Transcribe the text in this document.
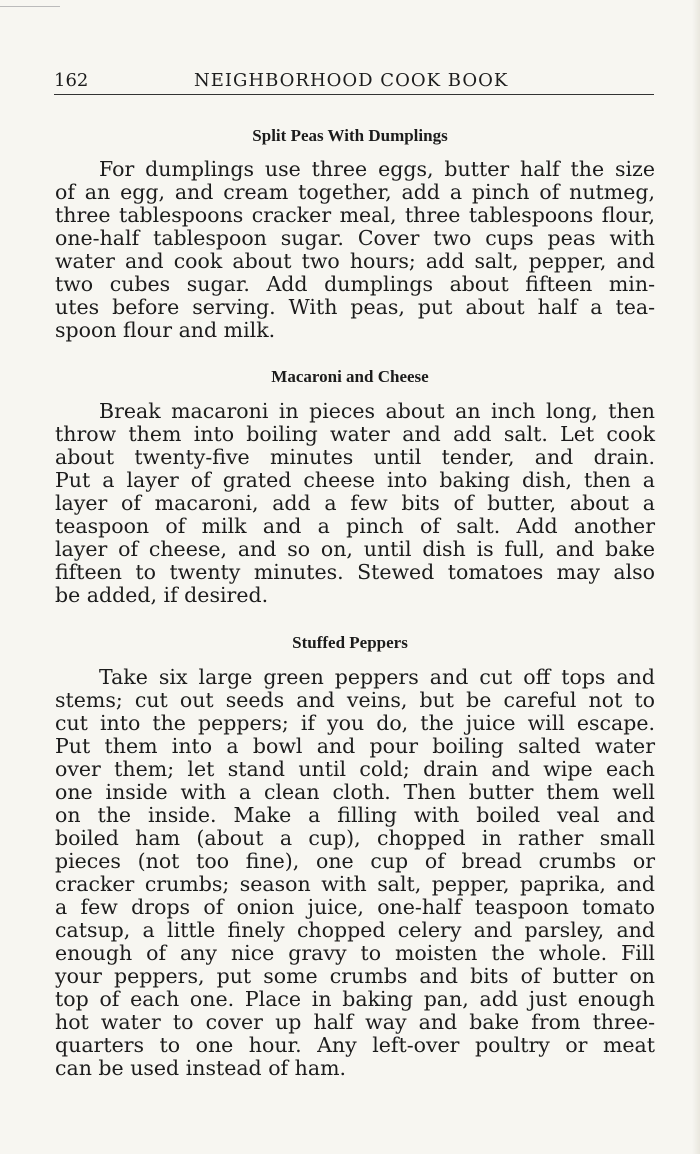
162	NEIGHBORHOOD COOK BOOK
Split Peas With Dumplings
For dumplings use three eggs, butter half the size
of an egg, and cream together, add a pinch of nutmeg,
three tablespoons cracker meal, three tablespoons flour,
one-half tablespoon sugar. Cover two cups peas with
water and cook about two hours; add salt, pepper, and
two cubes sugar. Add dumplings about fifteen min-
utes before serving. With peas, put about half a tea-
spoon flour and milk.
Macaroni and Cheese
Break macaroni in pieces about an inch long, then
throw them into boiling water and add salt. Let cook
about twenty-five minutes until tender, and drain.
Put a layer of grated cheese into baking dish, then a
layer of macaroni, add a few bits of butter, about a
teaspoon of milk and a pinch of salt. Add another
layer of cheese, and so on, until dish is full, and bake
fifteen to twenty minutes. Stewed tomatoes may also
be added, if desired.
Stuffed Peppers
Take six large green peppers and cut off tops and
stems; cut out seeds and veins, but be careful not to
cut into the peppers; if you do, the juice will escape.
Put them into a bowl and pour boiling salted water
over them; let stand until cold; drain and wipe each
one inside with a clean cloth. Then butter them well
on the inside. Make a filling with boiled veal and
boiled ham (about a cup), chopped in rather small
pieces (not too fine), one cup of bread crumbs or
cracker crumbs; season with salt, pepper, paprika, and
a few drops of onion juice, one-half teaspoon tomato
catsup, a little finely chopped celery and parsley, and
enough of any nice gravy to moisten the whole. Fill
your peppers, put some crumbs and bits of butter on
top of each one. Place in baking pan, add just enough
hot water to cover up half way and bake from three-
quarters to one hour. Any left-over poultry or meat
can be used instead of ham.
